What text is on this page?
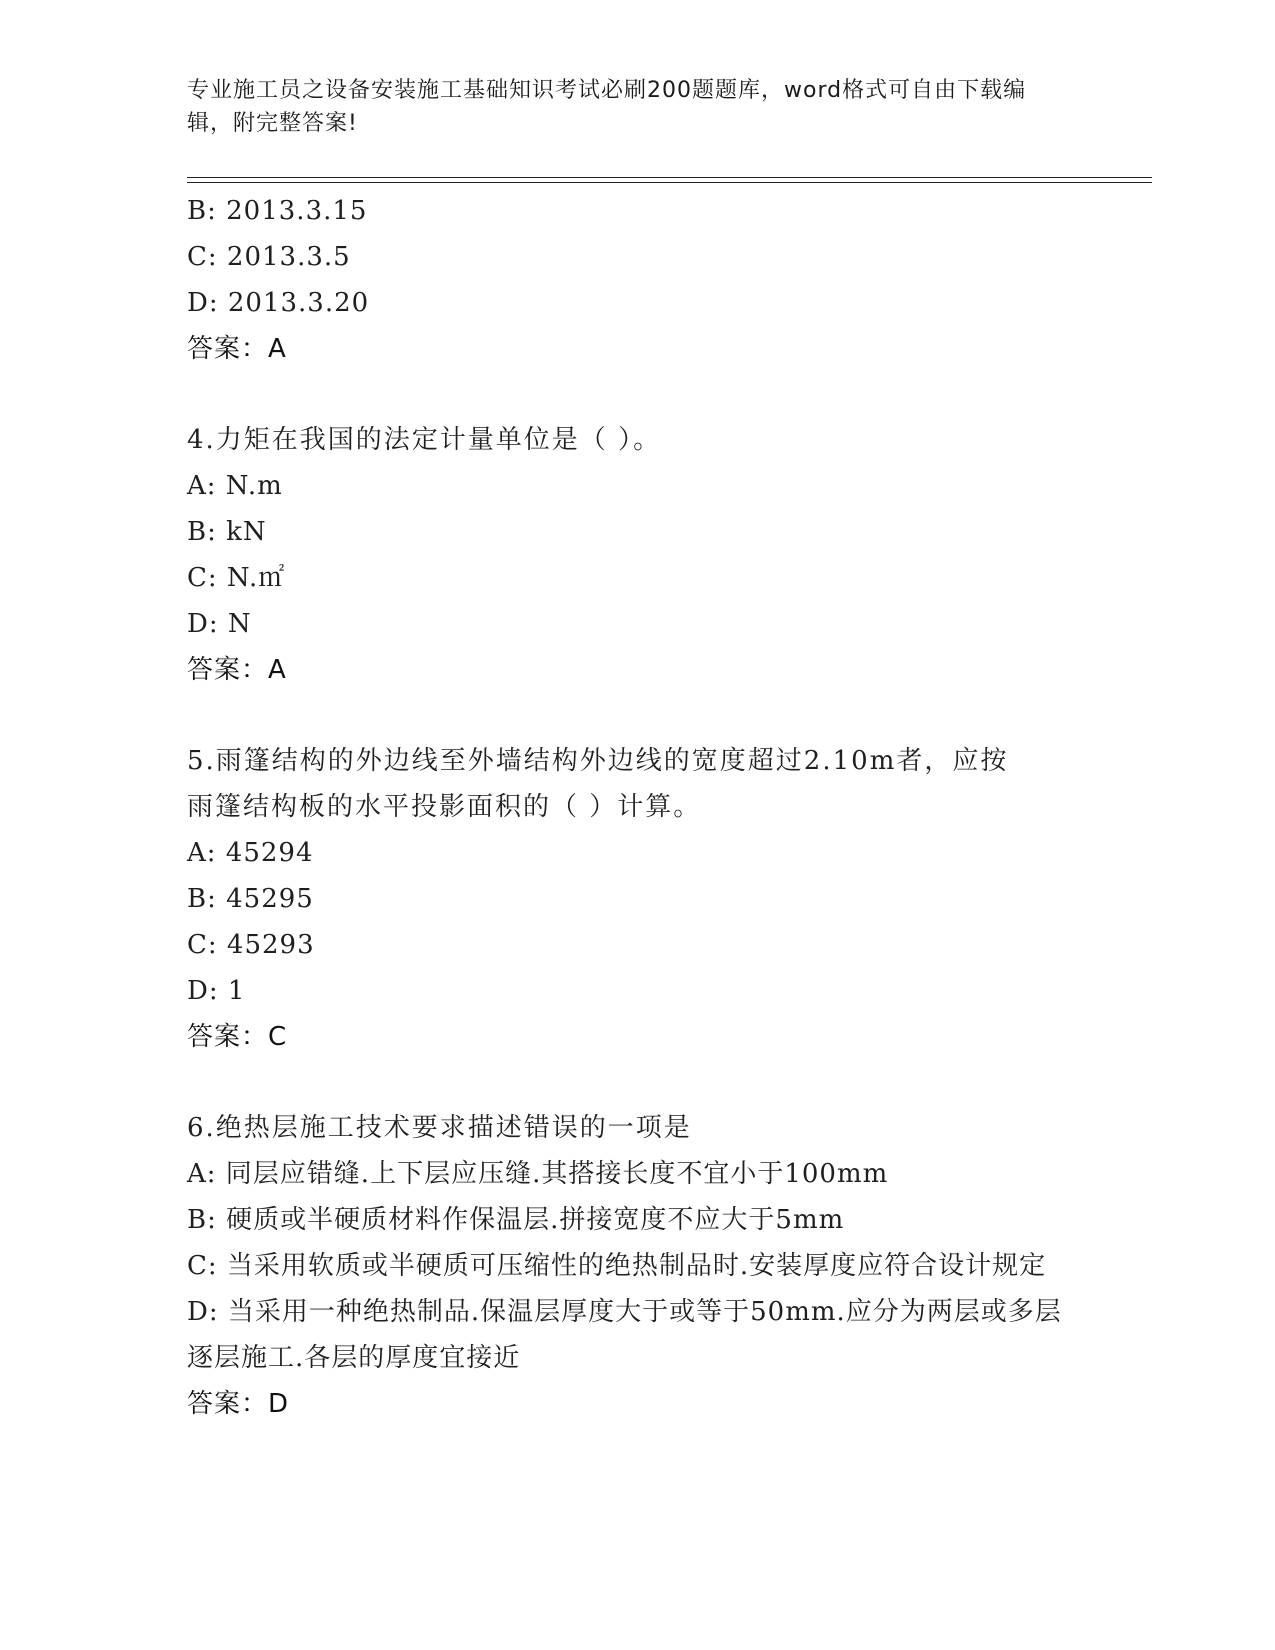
专业施工员之设备安装施工基础知识考试必刷200题题库，word格式可自由下载编辑，附完整答案!
B: 2013.3.15
C: 2013.3.5
D: 2013.3.20
答案：A
4.力矩在我国的法定计量单位是（ ）。
A: N.m
B: kN
C: N.㎡
D: N
答案：A
5.雨篷结构的外边线至外墙结构外边线的宽度超过2.10m者，应按雨篷结构板的水平投影面积的（ ）计算。
A: 45294
B: 45295
C: 45293
D: 1
答案：C
6.绝热层施工技术要求描述错误的一项是
A: 同层应错缝.上下层应压缝.其搭接长度不宜小于100mm
B: 硬质或半硬质材料作保温层.拼接宽度不应大于5mm
C: 当采用软质或半硬质可压缩性的绝热制品时.安装厚度应符合设计规定
D: 当采用一种绝热制品.保温层厚度大于或等于50mm.应分为两层或多层逐层施工.各层的厚度宜接近
答案：D
